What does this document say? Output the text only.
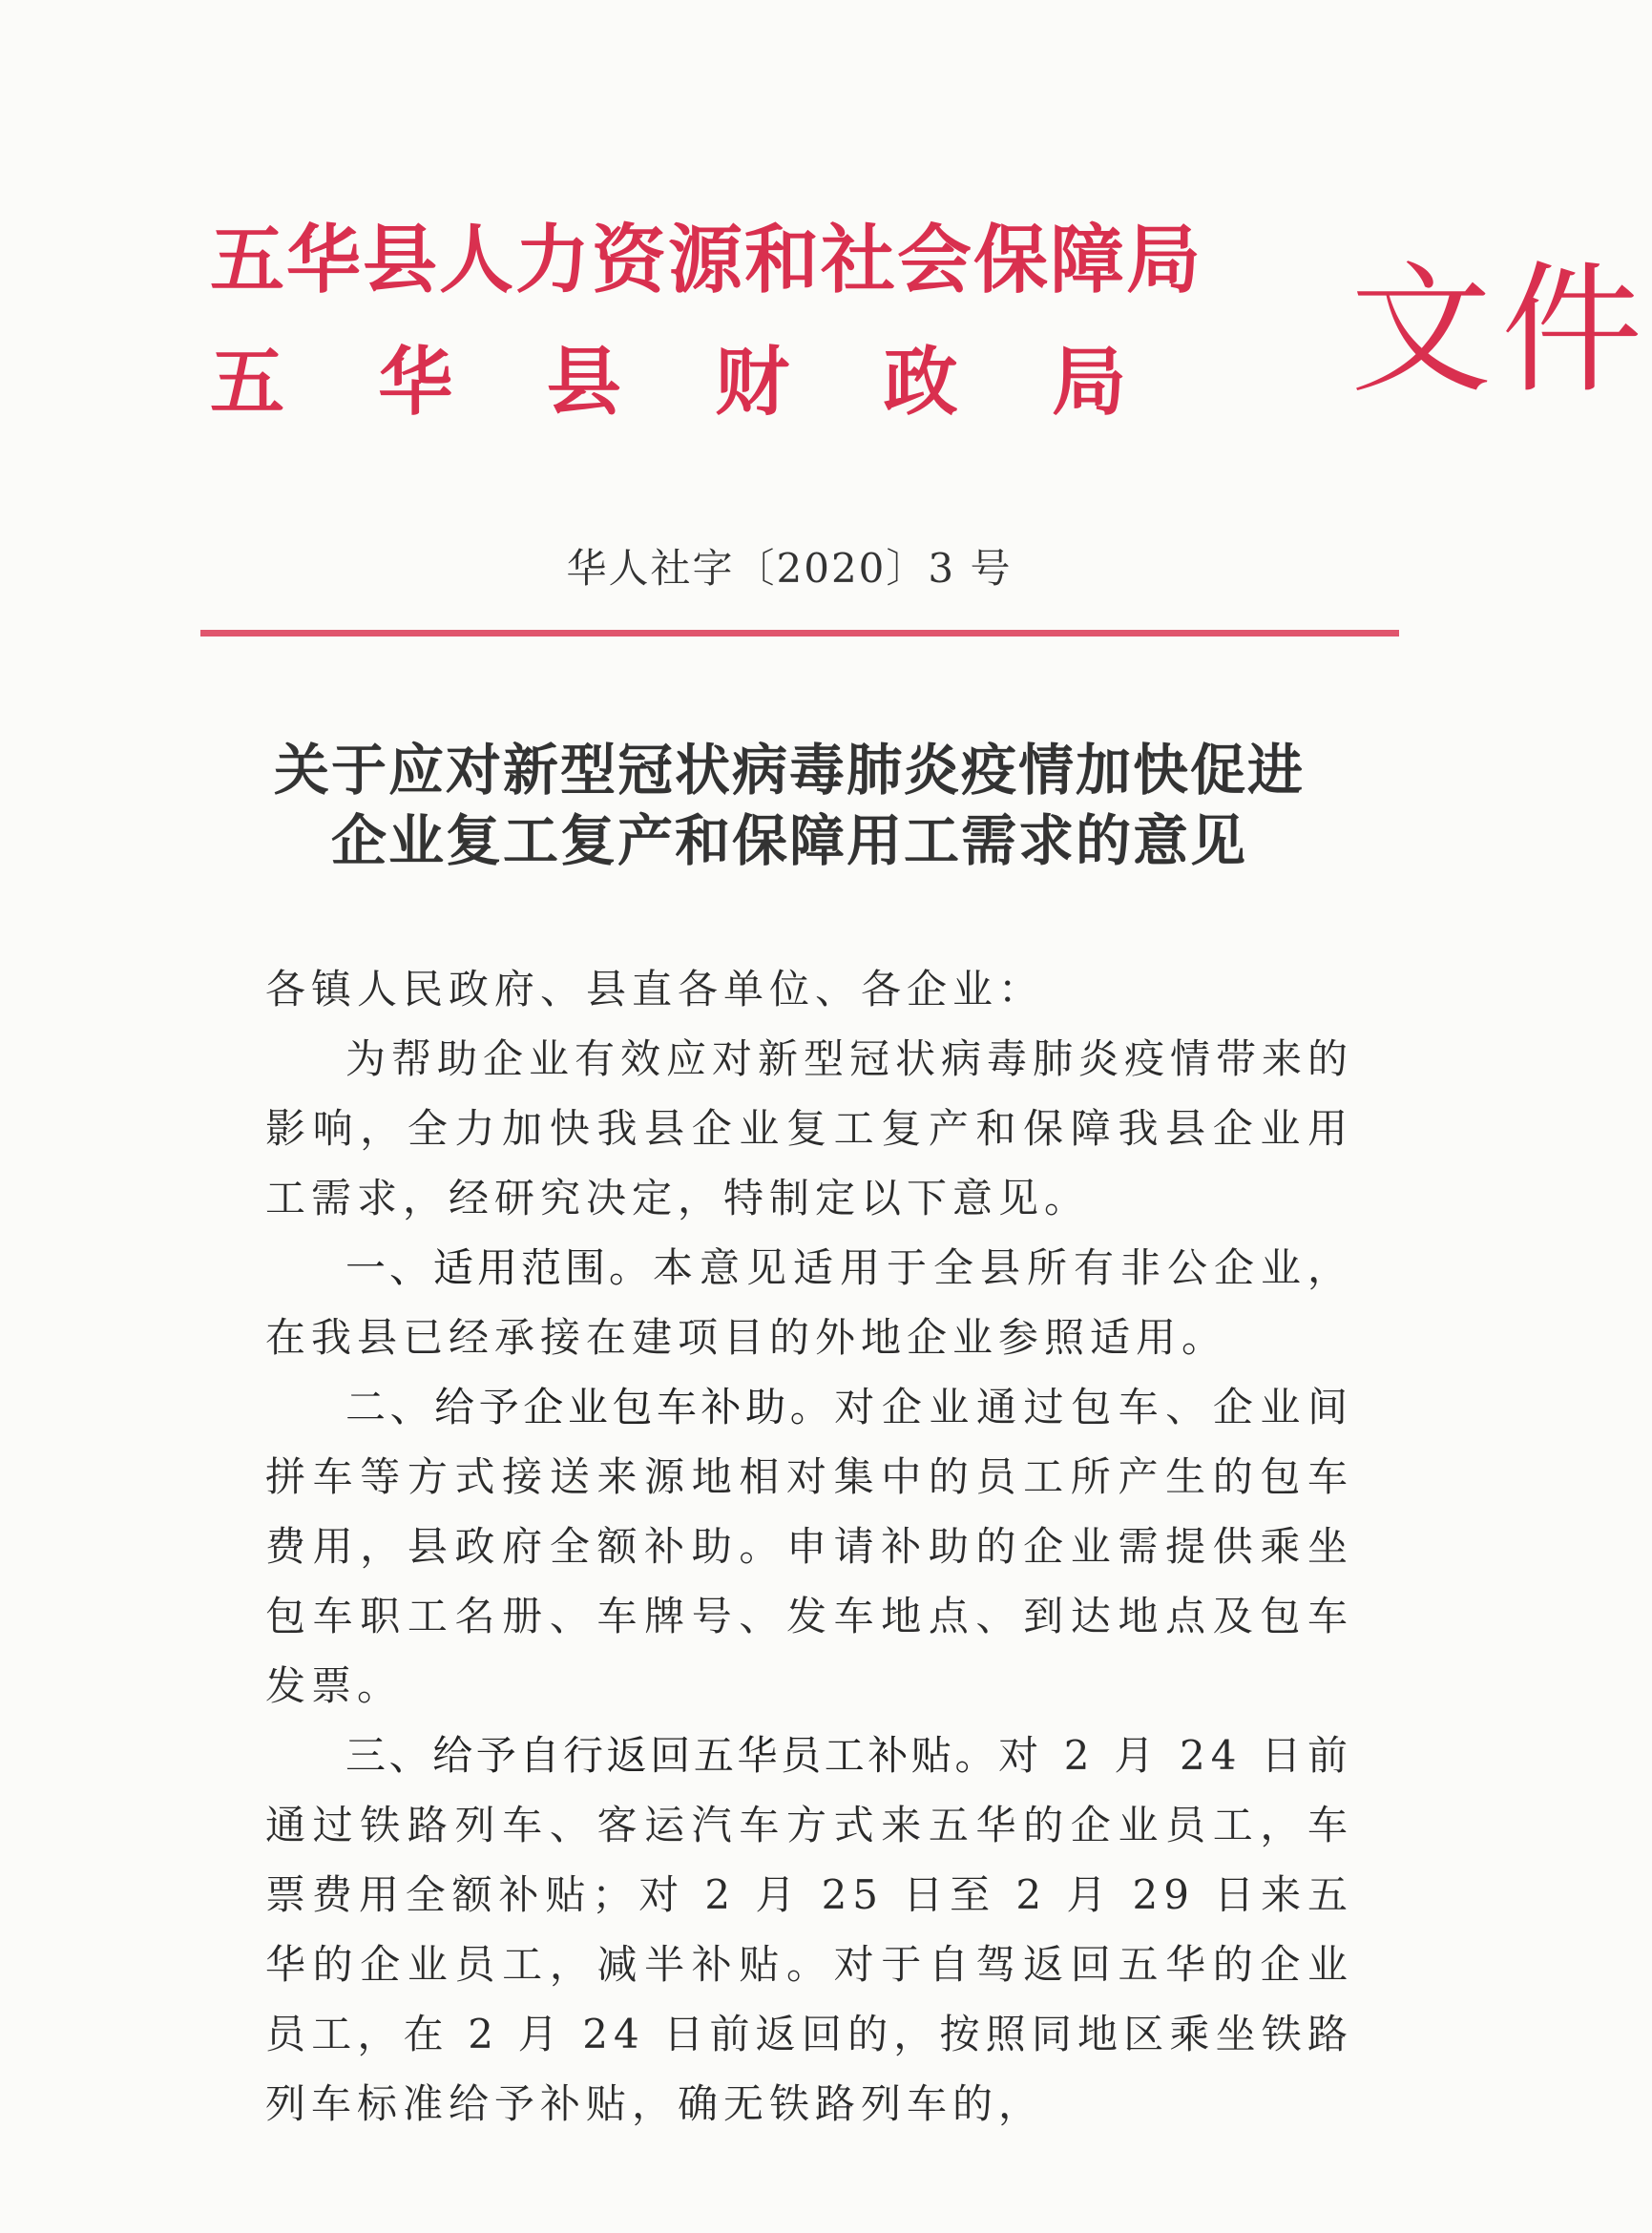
五华县人力资源和社会保障局
五 华 县 财 政 局 文件
华人社字〔2020〕3 号
关于应对新型冠状病毒肺炎疫情加快促进
企业复工复产和保障用工需求的意见

各镇人民政府、县直各单位、各企业：

为帮助企业有效应对新型冠状病毒肺炎疫情带来的影响，全力加快我县企业复工复产和保障我县企业用工需求，经研究决定，特制定以下意见。

一、适用范围。本意见适用于全县所有非公企业，在我县已经承接在建项目的外地企业参照适用。

二、给予企业包车补助。对企业通过包车、企业间拼车等方式接送来源地相对集中的员工所产生的包车费用，县政府全额补助。申请补助的企业需提供乘坐包车职工名册、车牌号、发车地点、到达地点及包车发票。

三、给予自行返回五华员工补贴。对 2 月 24 日前通过铁路列车、客运汽车方式来五华的企业员工，车票费用全额补贴；对 2 月 25 日至 2 月 29 日来五华的企业员工，减半补贴。对于自驾返回五华的企业员工，在 2 月 24 日前返回的，按照同地区乘坐铁路列车标准给予补贴，确无铁路列车的，
